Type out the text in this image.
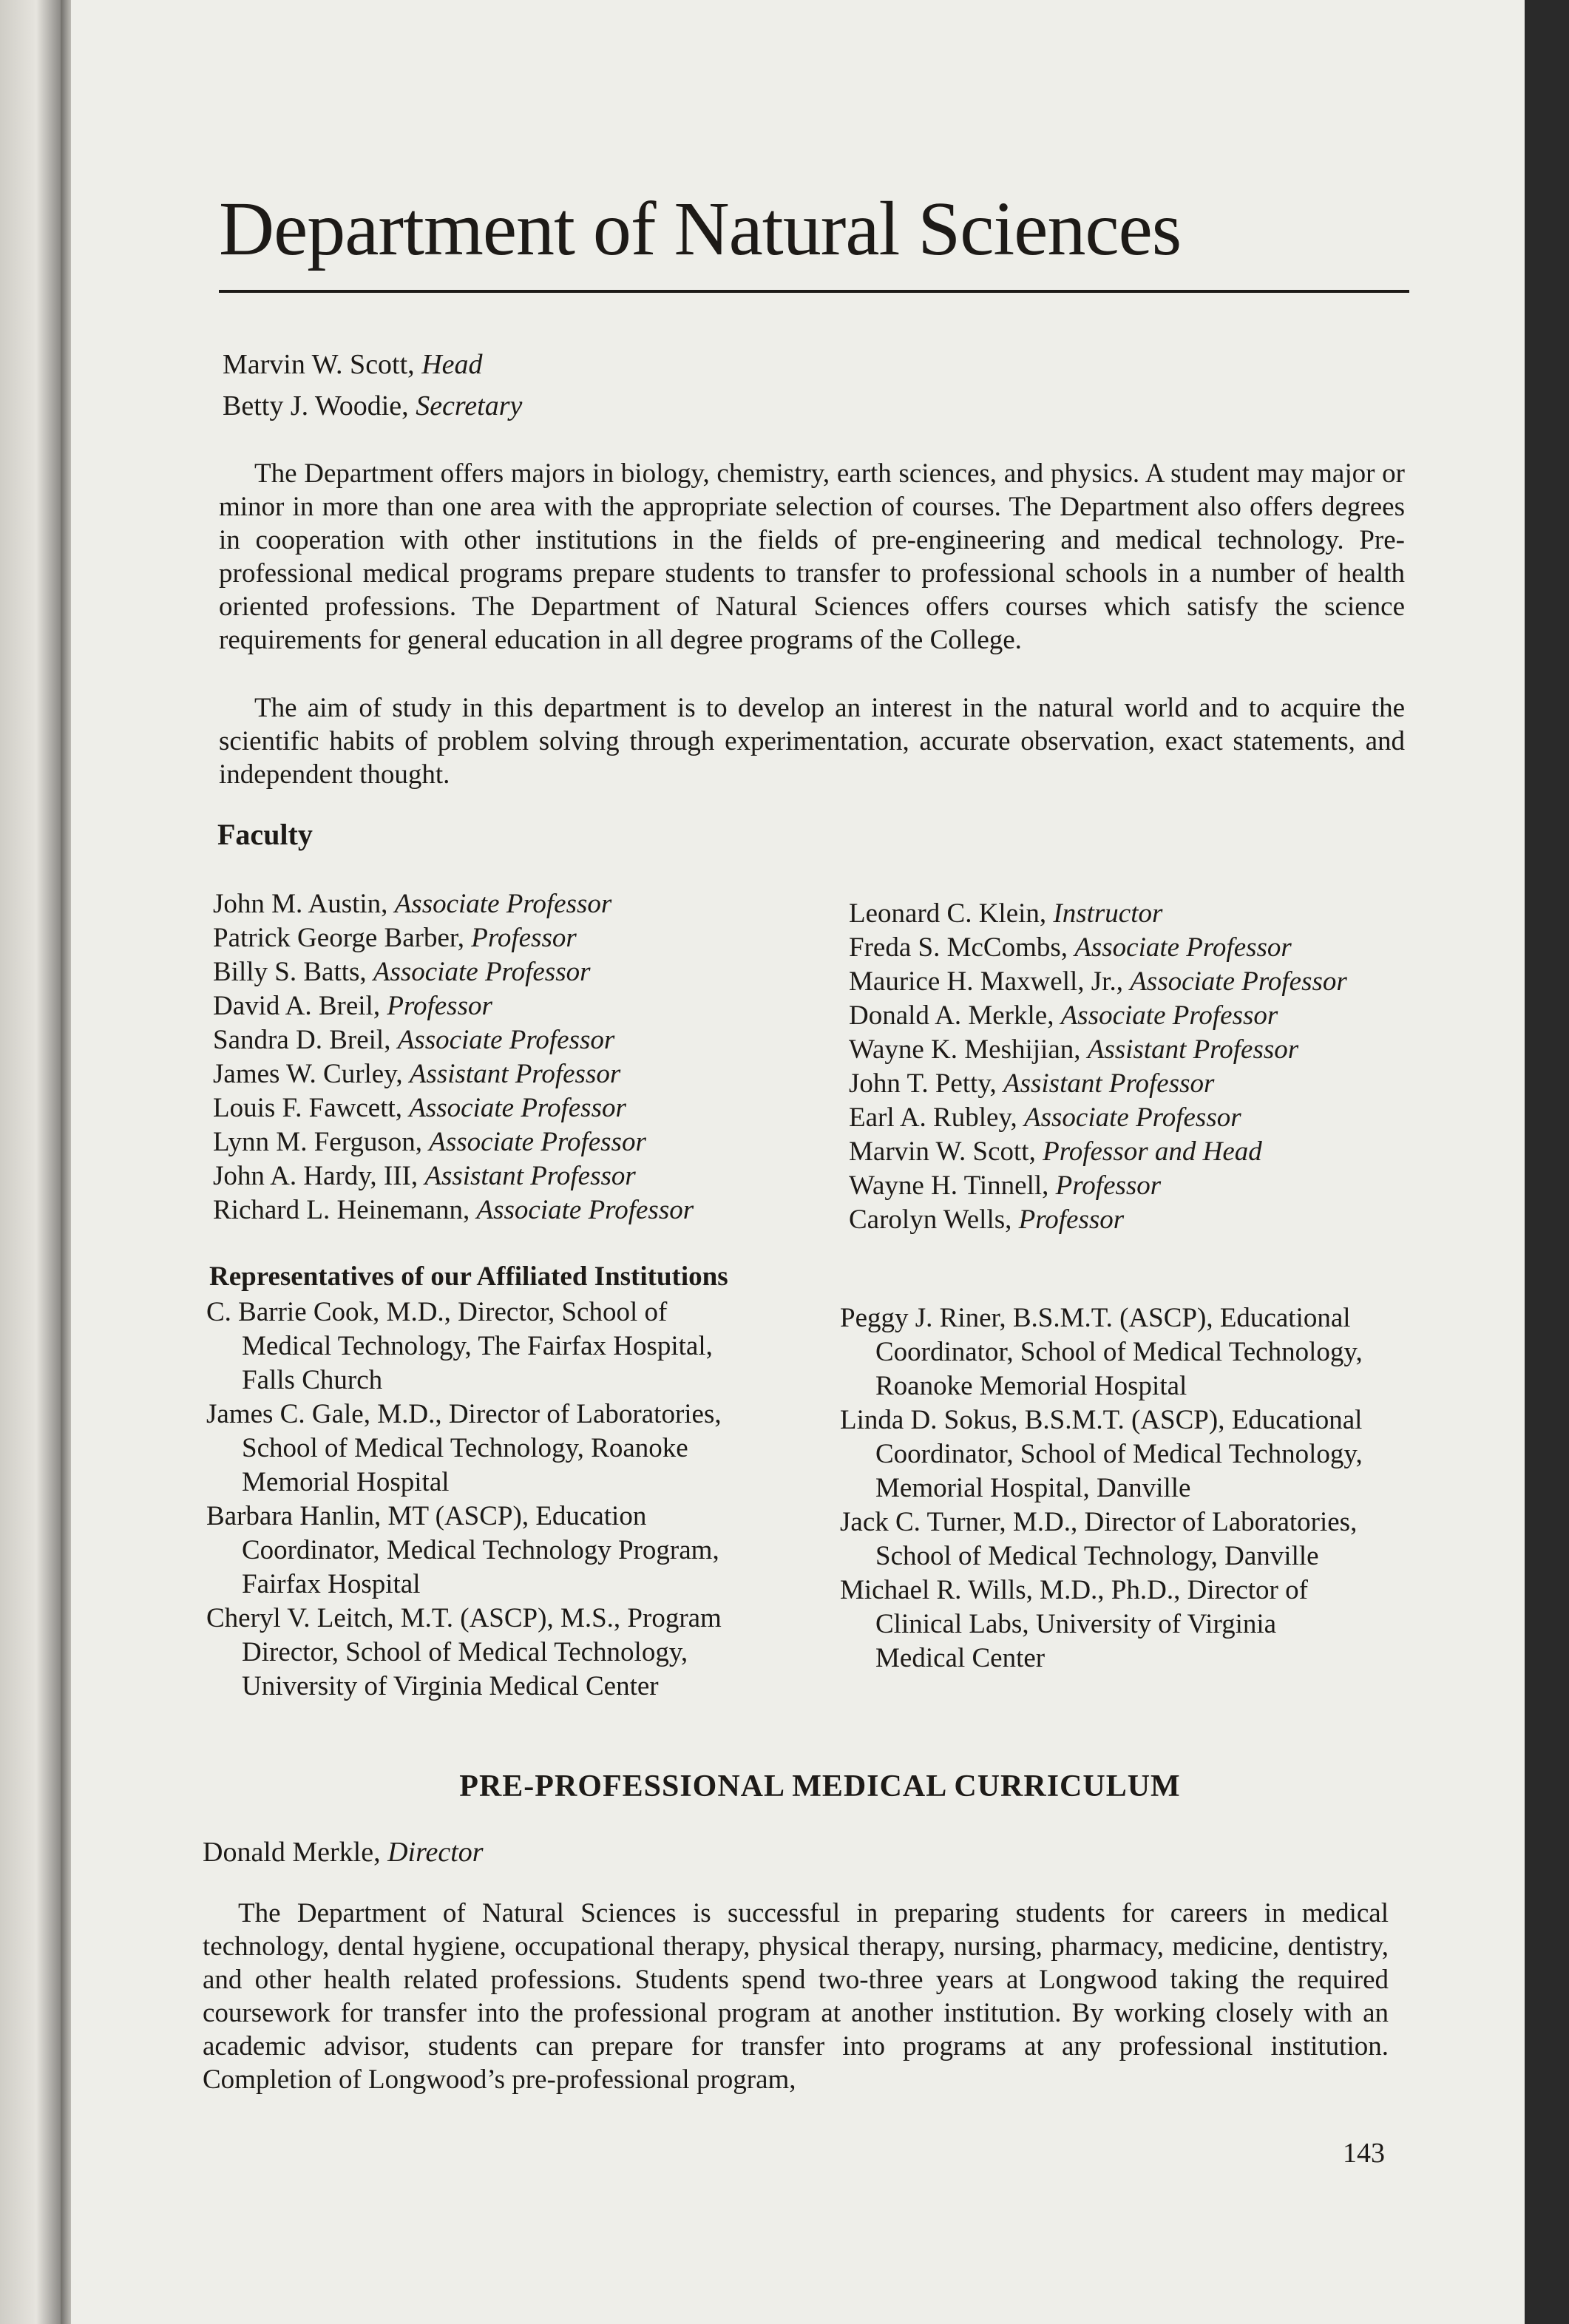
Department of Natural Sciences
Marvin W. Scott, Head
Betty J. Woodie, Secretary

The Department offers majors in biology, chemistry, earth sciences, and physics. A student may major or minor in more than one area with the appropriate selection of courses. The Department also offers degrees in cooperation with other institutions in the fields of pre-engineering and medical technology. Pre-professional medical programs prepare students to transfer to professional schools in a number of health oriented professions. The Department of Natural Sciences offers courses which satisfy the science requirements for general education in all degree programs of the College.

The aim of study in this department is to develop an interest in the natural world and to acquire the scientific habits of problem solving through experimentation, accurate observation, exact statements, and independent thought.

Faculty
John M. Austin, Associate Professor
Patrick George Barber, Professor
Billy S. Batts, Associate Professor
David A. Breil, Professor
Sandra D. Breil, Associate Professor
James W. Curley, Assistant Professor
Louis F. Fawcett, Associate Professor
Lynn M. Ferguson, Associate Professor
John A. Hardy, III, Assistant Professor
Richard L. Heinemann, Associate Professor
Leonard C. Klein, Instructor
Freda S. McCombs, Associate Professor
Maurice H. Maxwell, Jr., Associate Professor
Donald A. Merkle, Associate Professor
Wayne K. Meshijian, Assistant Professor
John T. Petty, Assistant Professor
Earl A. Rubley, Associate Professor
Marvin W. Scott, Professor and Head
Wayne H. Tinnell, Professor
Carolyn Wells, Professor
Representatives of our Affiliated Institutions
C. Barrie Cook, M.D., Director, School of Medical Technology, The Fairfax Hospital, Falls Church
James C. Gale, M.D., Director of Laboratories, School of Medical Technology, Roanoke Memorial Hospital
Barbara Hanlin, MT (ASCP), Education Coordinator, Medical Technology Program, Fairfax Hospital
Cheryl V. Leitch, M.T. (ASCP), M.S., Program Director, School of Medical Technology, University of Virginia Medical Center
Peggy J. Riner, B.S.M.T. (ASCP), Educational Coordinator, School of Medical Technology, Roanoke Memorial Hospital
Linda D. Sokus, B.S.M.T. (ASCP), Educational Coordinator, School of Medical Technology, Memorial Hospital, Danville
Jack C. Turner, M.D., Director of Laboratories, School of Medical Technology, Danville
Michael R. Wills, M.D., Ph.D., Director of Clinical Labs, University of Virginia Medical Center
PRE-PROFESSIONAL MEDICAL CURRICULUM
Donald Merkle, Director

The Department of Natural Sciences is successful in preparing students for careers in medical technology, dental hygiene, occupational therapy, physical therapy, nursing, pharmacy, medicine, dentistry, and other health related professions. Students spend two-three years at Longwood taking the required coursework for transfer into the professional program at another institution. By working closely with an academic advisor, students can prepare for transfer into programs at any professional institution. Completion of Longwood’s pre-professional program,

143
